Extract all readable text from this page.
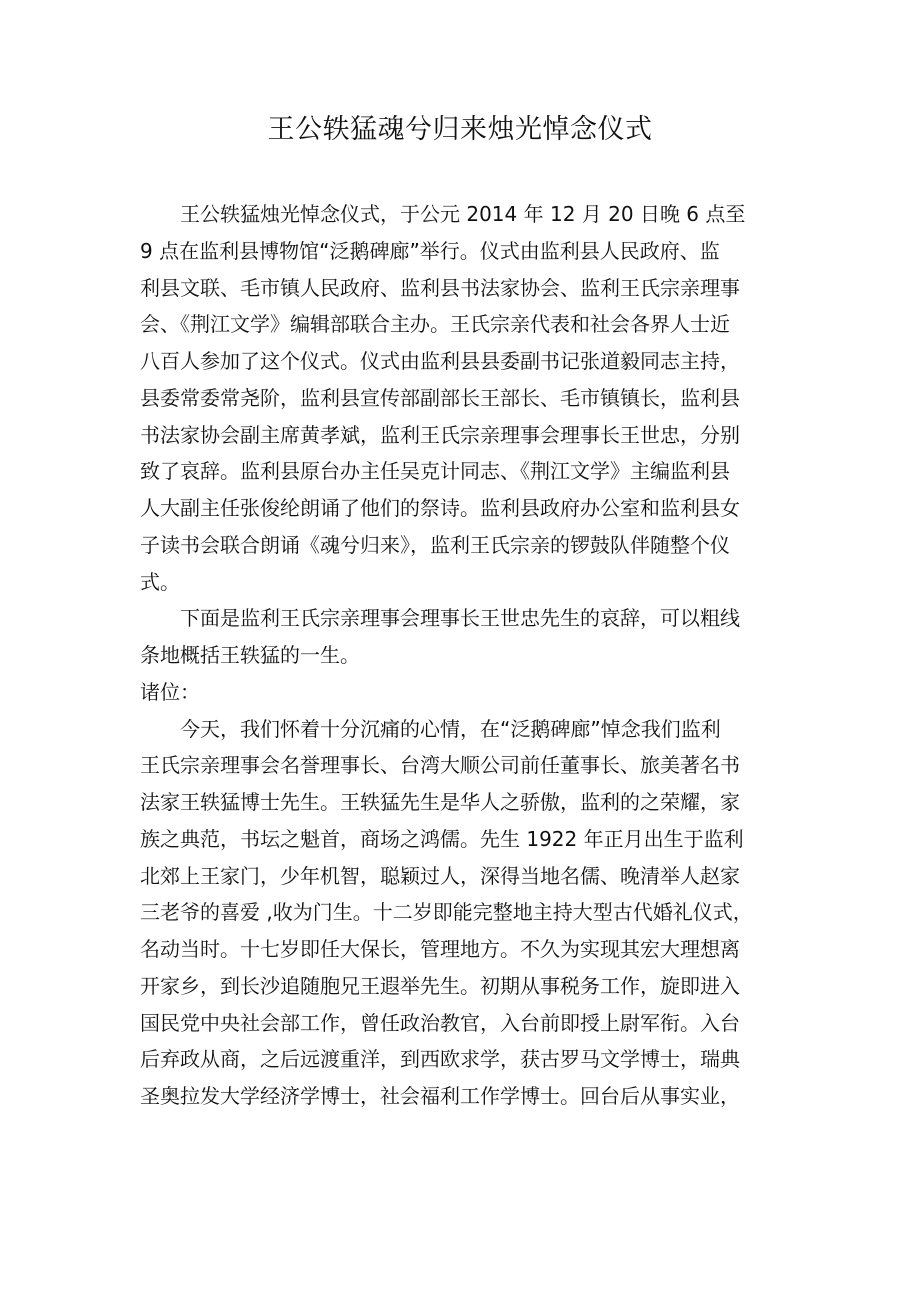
王公轶猛魂兮归来烛光悼念仪式
王公轶猛烛光悼念仪式，于公元 2014 年 12 月 20 日晚 6 点至
9 点在监利县博物馆“泛鹅碑廊”举行。仪式由监利县人民政府、监
利县文联、毛市镇人民政府、监利县书法家协会、监利王氏宗亲理事
会、《荆江文学》编辑部联合主办。王氏宗亲代表和社会各界人士近
八百人参加了这个仪式。仪式由监利县县委副书记张道毅同志主持，
县委常委常尧阶，监利县宣传部副部长王部长、毛市镇镇长，监利县
书法家协会副主席黄孝斌，监利王氏宗亲理事会理事长王世忠，分别
致了哀辞。监利县原台办主任吴克计同志、《荆江文学》主编监利县
人大副主任张俊纶朗诵了他们的祭诗。监利县政府办公室和监利县女
子读书会联合朗诵《魂兮归来》，监利王氏宗亲的锣鼓队伴随整个仪
式。
下面是监利王氏宗亲理事会理事长王世忠先生的哀辞，可以粗线
条地概括王轶猛的一生。
诸位：
今天，我们怀着十分沉痛的心情，在“泛鹅碑廊”悼念我们监利
王氏宗亲理事会名誉理事长、台湾大顺公司前任董事长、旅美著名书
法家王轶猛博士先生。王轶猛先生是华人之骄傲，监利的之荣耀，家
族之典范，书坛之魁首，商场之鸿儒。先生 1922 年正月出生于监利
北郊上王家门，少年机智，聪颖过人，深得当地名儒、晚清举人赵家
三老爷的喜爱 ,收为门生。十二岁即能完整地主持大型古代婚礼仪式，
名动当时。十七岁即任大保长，管理地方。不久为实现其宏大理想离
开家乡，到长沙追随胞兄王遐举先生。初期从事税务工作，旋即进入
国民党中央社会部工作，曾任政治教官，入台前即授上尉军衔。入台
后弃政从商，之后远渡重洋，到西欧求学，获古罗马文学博士，瑞典
圣奥拉发大学经济学博士，社会福利工作学博士。回台后从事实业，
